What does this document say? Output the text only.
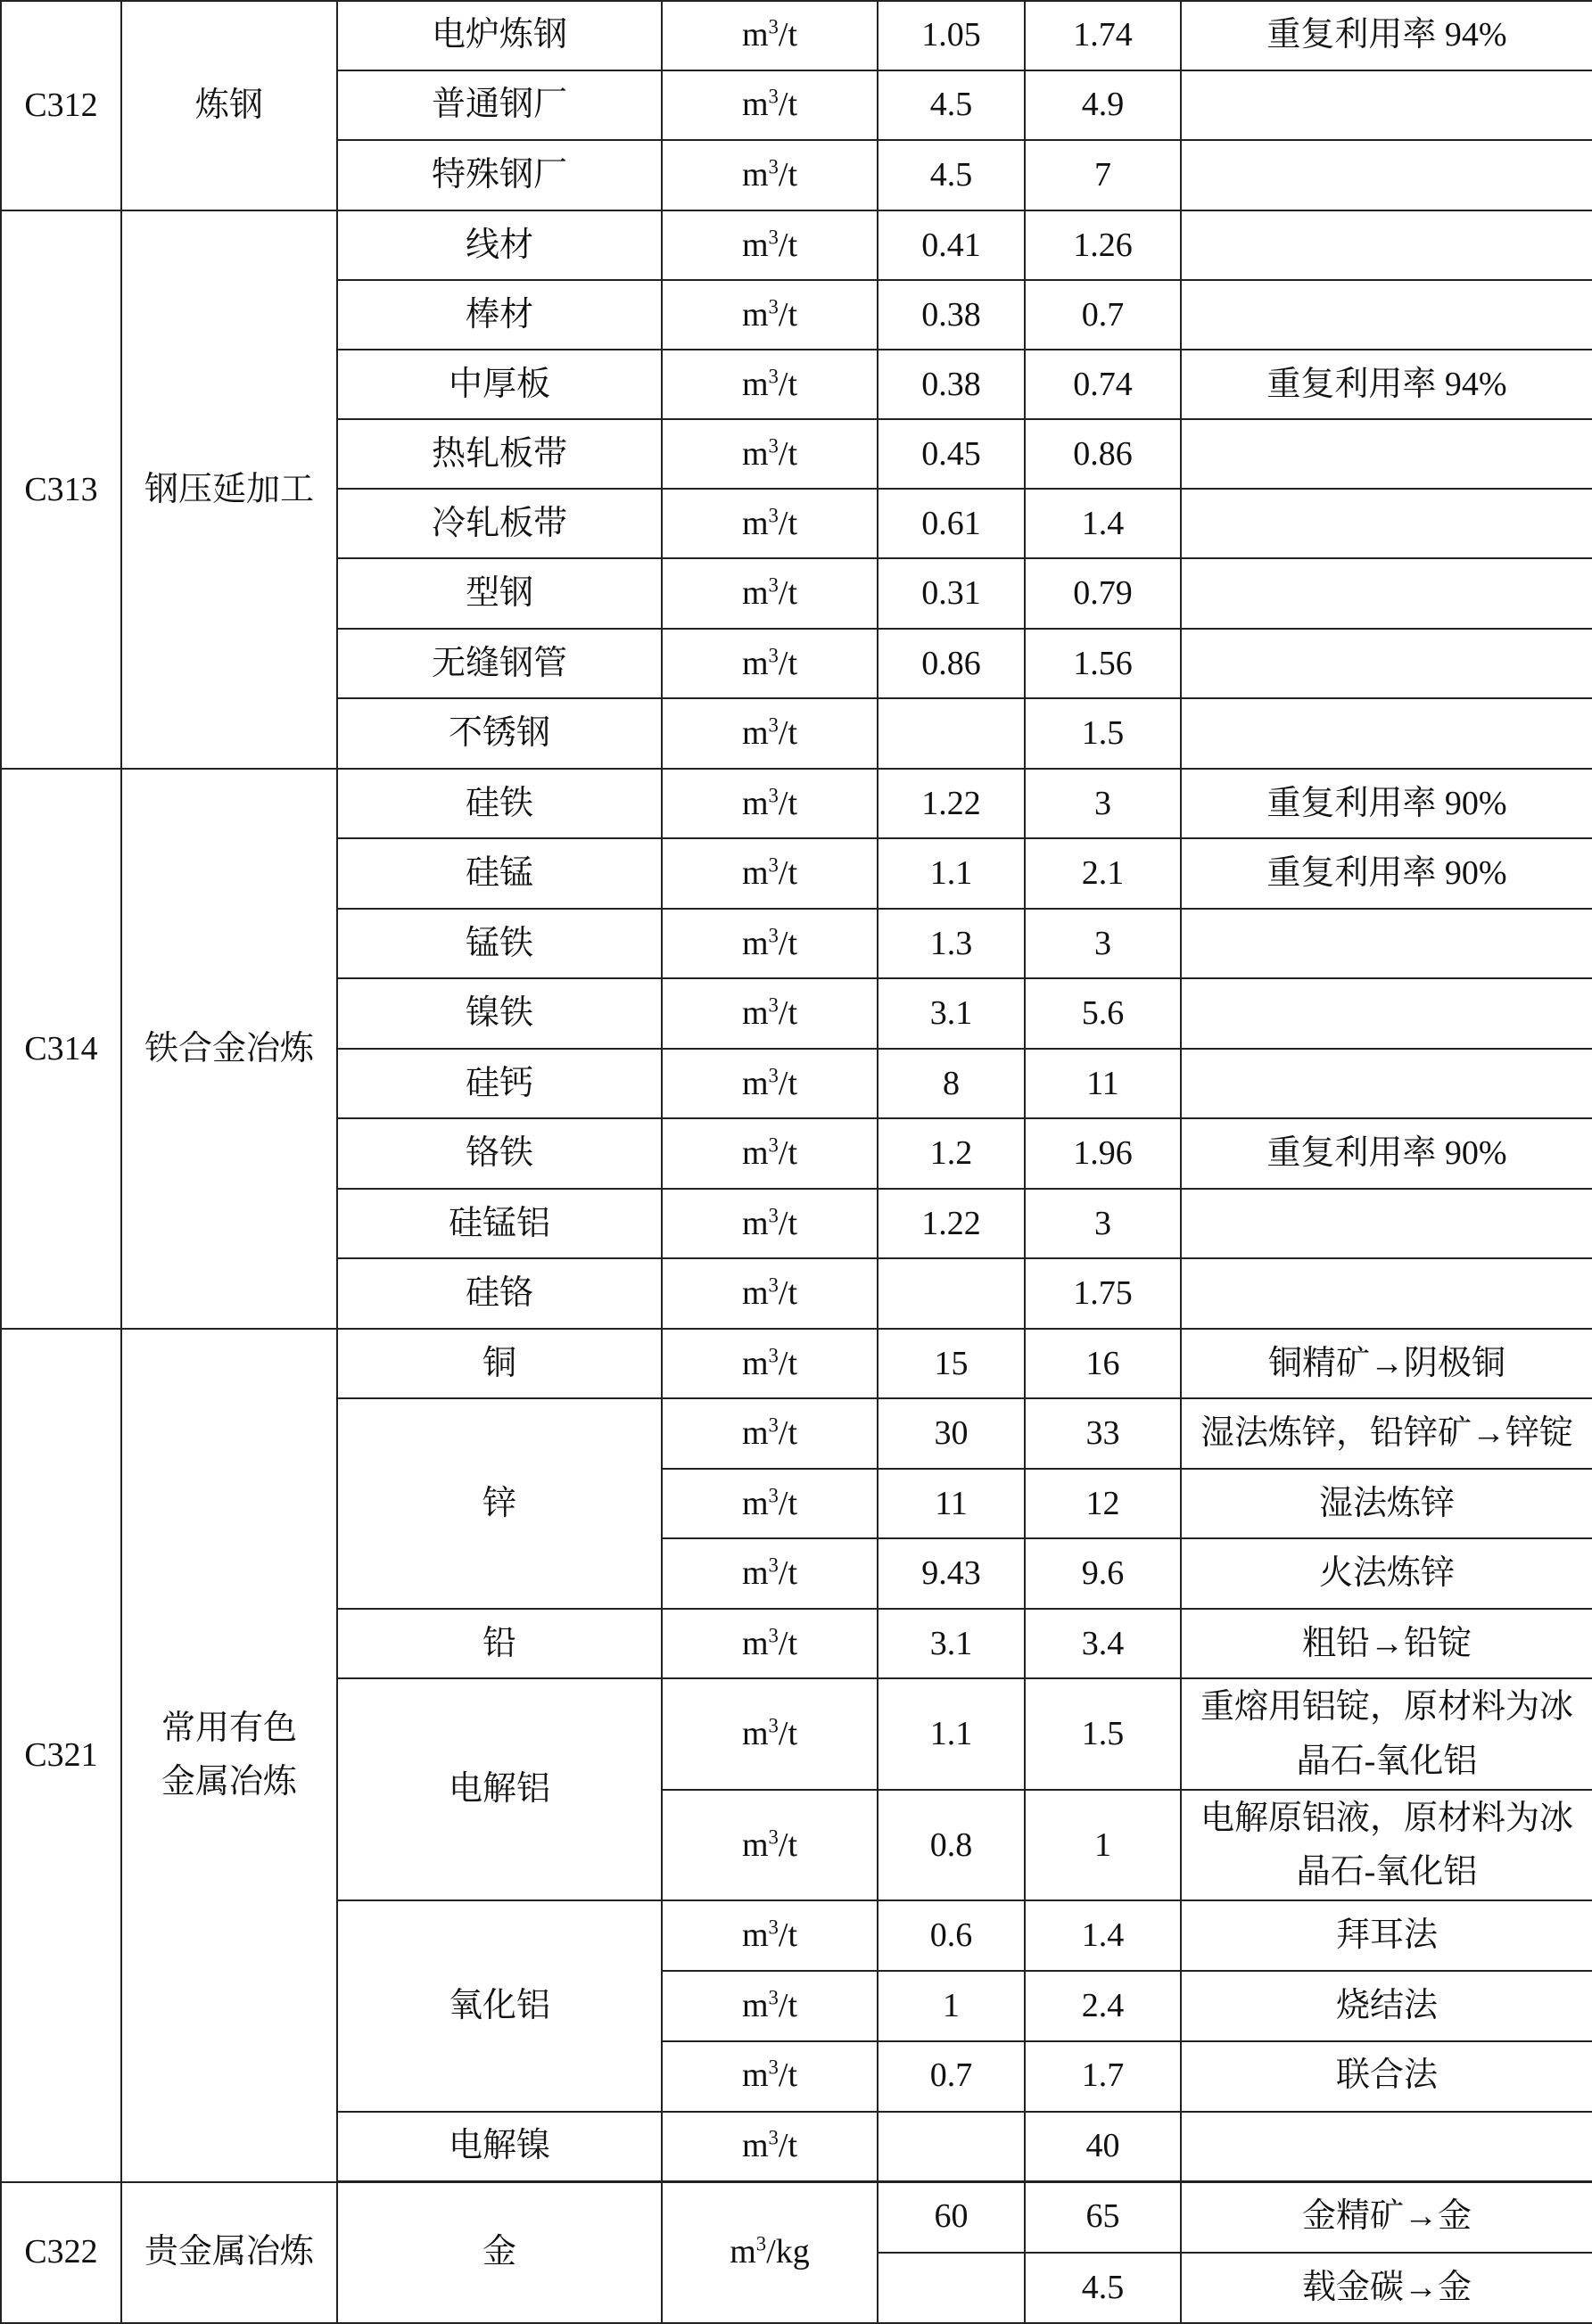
C312	炼钢	电炉炼钢	$m^3/t$	1.05	1.74	重复利用率 94%
		普通钢厂	$m^3/t$	4.5	4.9	
		特殊钢厂	$m^3/t$	4.5	7	
C313	钢压延加工	线材	$m^3/t$	0.41	1.26	
		棒材	$m^3/t$	0.38	0.7	
		中厚板	$m^3/t$	0.38	0.74	重复利用率 94%
		热轧板带	$m^3/t$	0.45	0.86	
		冷轧板带	$m^3/t$	0.61	1.4	
		型钢	$m^3/t$	0.31	0.79	
		无缝钢管	$m^3/t$	0.86	1.56	
		不锈钢	$m^3/t$		1.5	
C314	铁合金冶炼	硅铁	$m^3/t$	1.22	3	重复利用率 90%
		硅锰	$m^3/t$	1.1	2.1	重复利用率 90%
		锰铁	$m^3/t$	1.3	3	
		镍铁	$m^3/t$	3.1	5.6	
		硅钙	$m^3/t$	8	11	
		铬铁	$m^3/t$	1.2	1.96	重复利用率 90%
		硅锰铝	$m^3/t$	1.22	3	
		硅铬	$m^3/t$		1.75	
C321	常用有色金属冶炼	铜	$m^3/t$	15	16	铜精矿→阴极铜
		锌	$m^3/t$	30	33	湿法炼锌，铅锌矿→锌锭
			$m^3/t$	11	12	湿法炼锌
			$m^3/t$	9.43	9.6	火法炼锌
		铅	$m^3/t$	3.1	3.4	粗铅→铅锭
		电解铝	$m^3/t$	1.1	1.5	重熔用铝锭，原材料为冰晶石-氧化铝
			$m^3/t$	0.8	1	电解原铝液，原材料为冰晶石-氧化铝
		氧化铝	$m^3/t$	0.6	1.4	拜耳法
			$m^3/t$	1	2.4	烧结法
			$m^3/t$	0.7	1.7	联合法
		电解镍	$m^3/t$		40	

C322	贵金属冶炼	金	$m^3/kg$	60	65	金精矿→金
					4.5	载金碳→金
